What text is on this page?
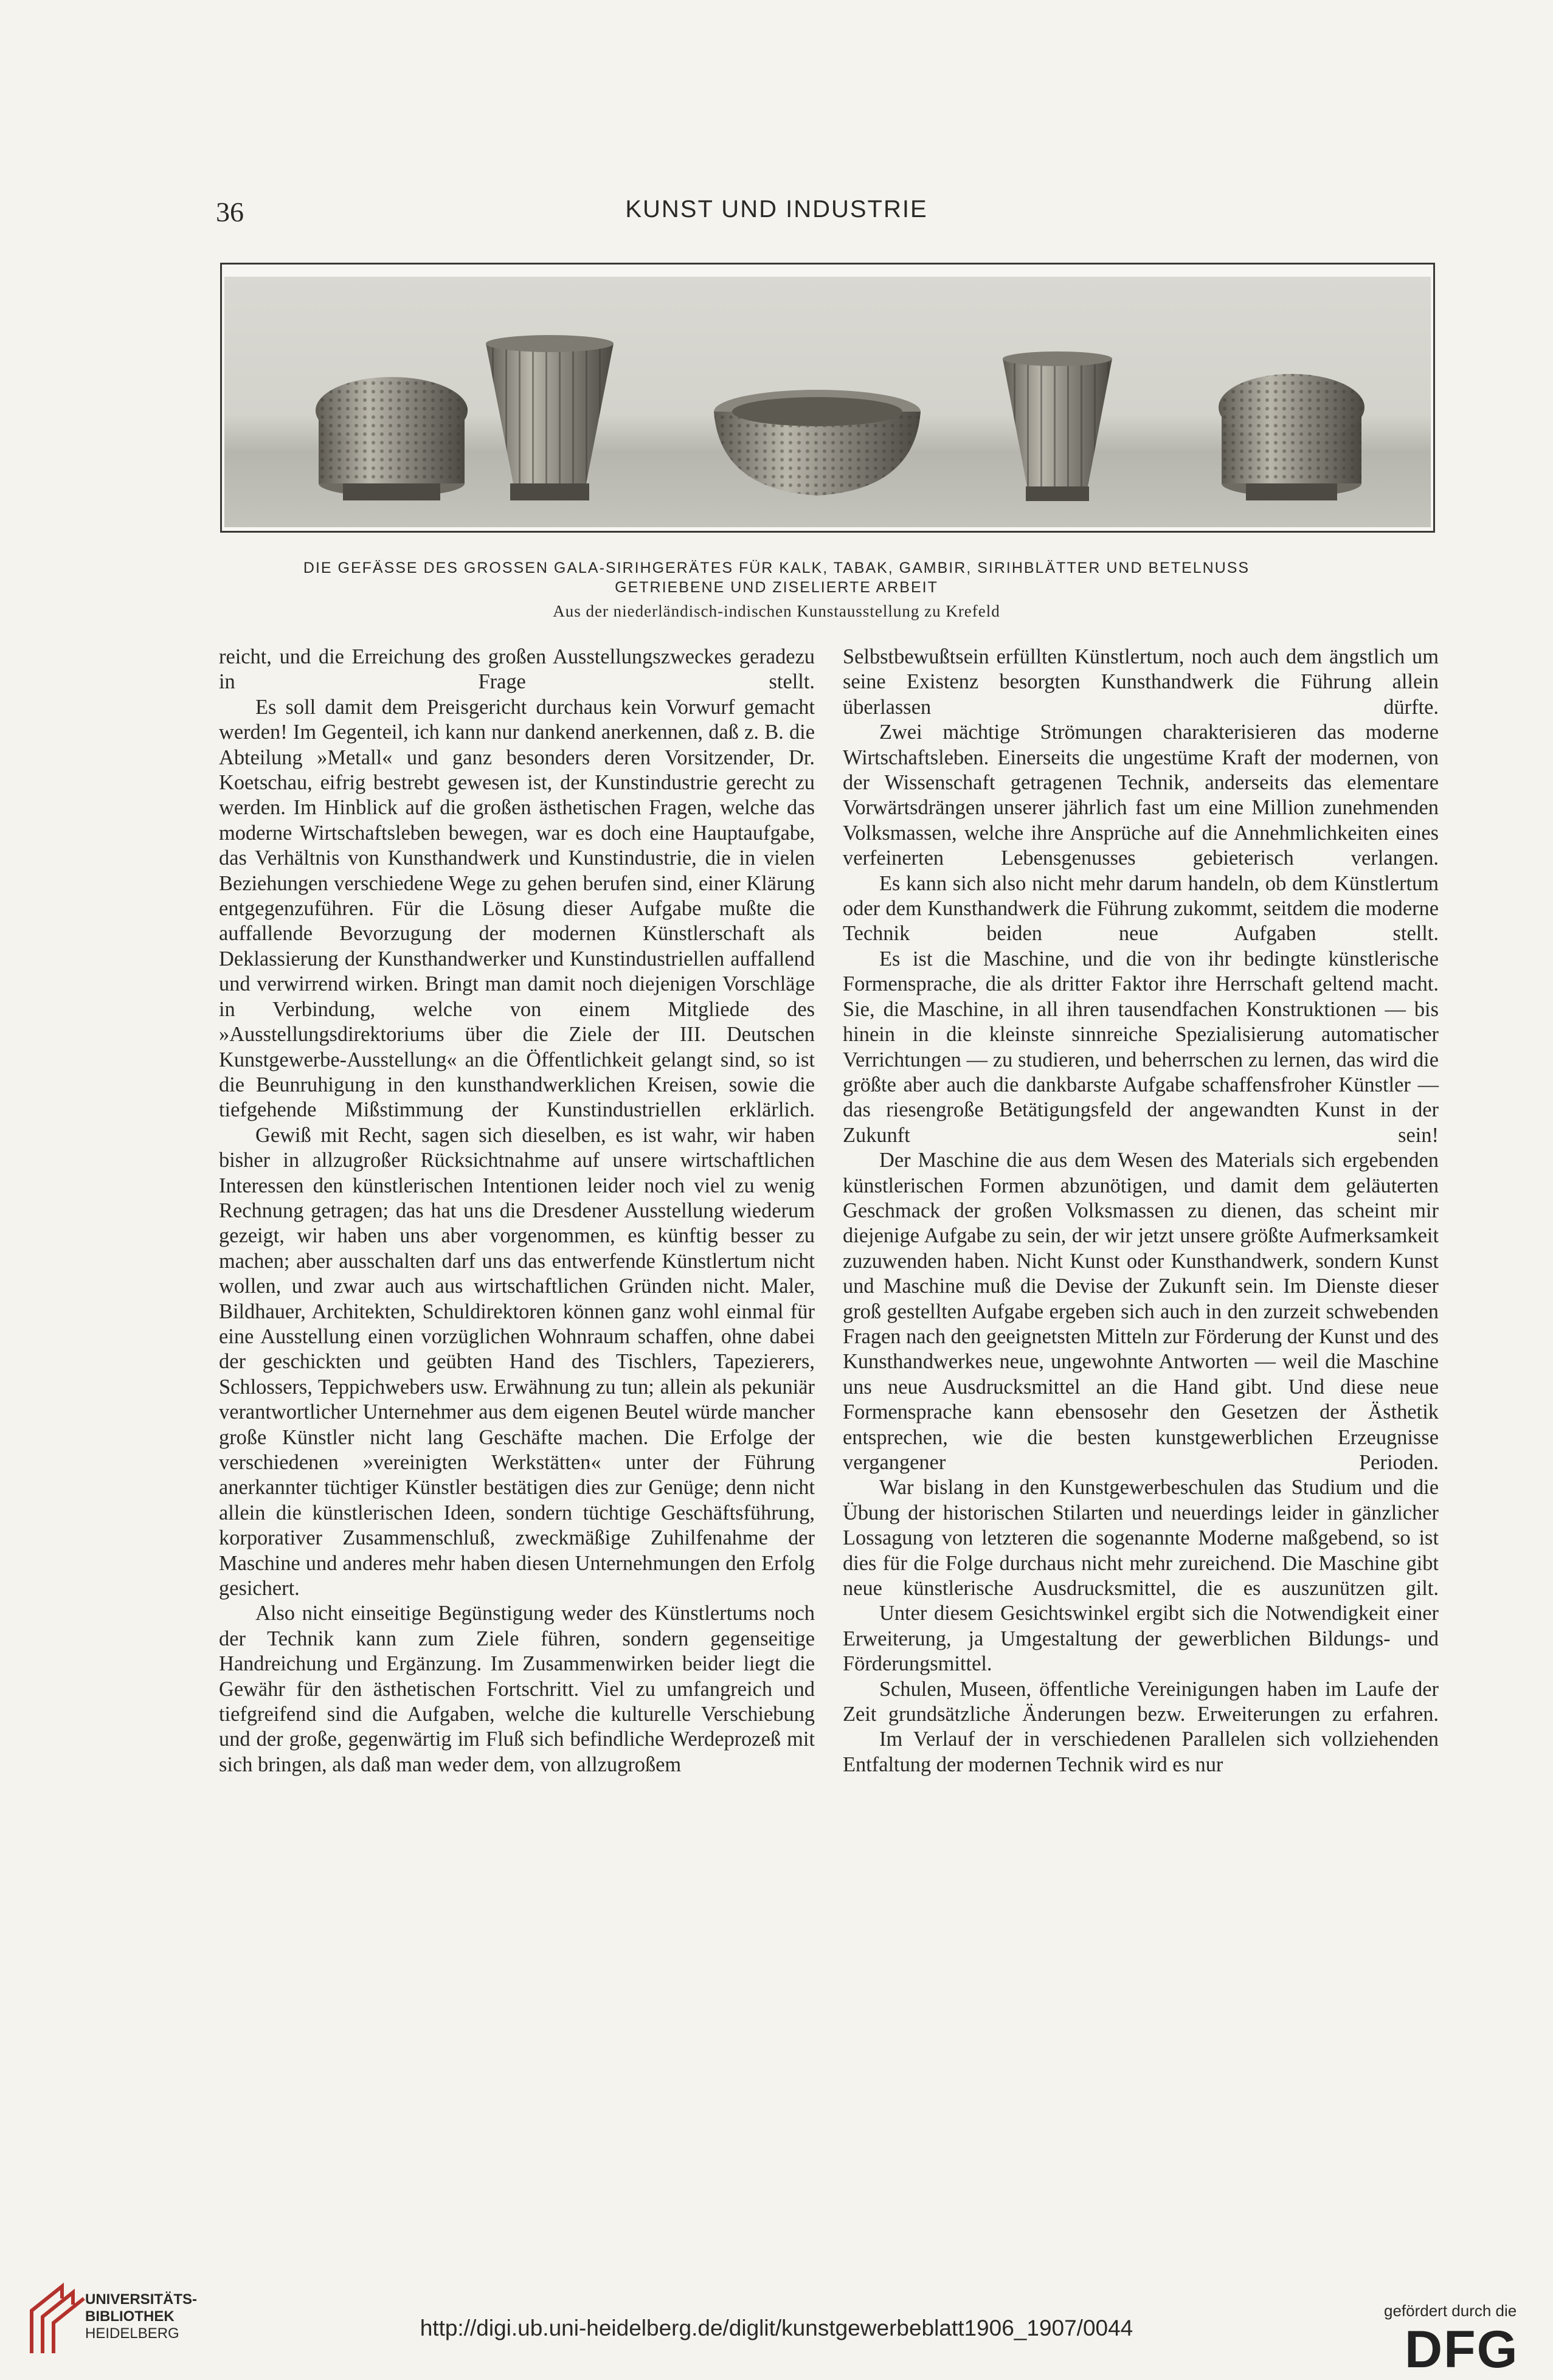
36	KUNST UND INDUSTRIE
DIE GEFÄSSE DES GROSSEN GALA-SIRIHGERÄTES FÜR KALK, TABAK, GAMBIR, SIRIHBLÄTTER UND BETELNUSS
GETRIEBENE UND ZISELIERTE ARBEIT
Aus der niederländisch-indischen Kunstausstellung zu Krefeld

reicht, und die Erreichung des großen Ausstellungszweckes geradezu in Frage stellt.

Es soll damit dem Preisgericht durchaus kein Vorwurf gemacht werden! Im Gegenteil, ich kann nur dankend anerkennen, daß z. B. die Abteilung »Metall« und ganz besonders deren Vorsitzender, Dr. Koetschau, eifrig bestrebt gewesen ist, der Kunstindustrie gerecht zu werden. Im Hinblick auf die großen ästhetischen Fragen, welche das moderne Wirtschaftsleben bewegen, war es doch eine Hauptaufgabe, das Verhältnis von Kunsthandwerk und Kunstindustrie, die in vielen Beziehungen verschiedene Wege zu gehen berufen sind, einer Klärung entgegenzuführen. Für die Lösung dieser Aufgabe mußte die auffallende Bevorzugung der modernen Künstlerschaft als Deklassierung der Kunsthandwerker und Kunstindustriellen auffallend und verwirrend wirken. Bringt man damit noch diejenigen Vorschläge in Verbindung, welche von einem Mitgliede des »Ausstellungsdirektoriums über die Ziele der III. Deutschen Kunstgewerbe-Ausstellung« an die Öffentlichkeit gelangt sind, so ist die Beunruhigung in den kunsthandwerklichen Kreisen, sowie die tiefgehende Mißstimmung der Kunstindustriellen erklärlich.

Gewiß mit Recht, sagen sich dieselben, es ist wahr, wir haben bisher in allzugroßer Rücksichtnahme auf unsere wirtschaftlichen Interessen den künstlerischen Intentionen leider noch viel zu wenig Rechnung getragen; das hat uns die Dresdener Ausstellung wiederum gezeigt, wir haben uns aber vorgenommen, es künftig besser zu machen; aber ausschalten darf uns das entwerfende Künstlertum nicht wollen, und zwar auch aus wirtschaftlichen Gründen nicht. Maler, Bildhauer, Architekten, Schuldirektoren können ganz wohl einmal für eine Ausstellung einen vorzüglichen Wohnraum schaffen, ohne dabei der geschickten und geübten Hand des Tischlers, Tapezierers, Schlossers, Teppichwebers usw. Erwähnung zu tun; allein als pekuniär verantwortlicher Unternehmer aus dem eigenen Beutel würde mancher große Künstler nicht lang Geschäfte machen. Die Erfolge der verschiedenen »vereinigten Werkstätten« unter der Führung anerkannter tüchtiger Künstler bestätigen dies zur Genüge; denn nicht allein die künstlerischen Ideen, sondern tüchtige Geschäftsführung, korporativer Zusammenschluß, zweckmäßige Zuhilfenahme der Maschine und anderes mehr haben diesen Unternehmungen den Erfolg gesichert.

Also nicht einseitige Begünstigung weder des Künstlertums noch der Technik kann zum Ziele führen, sondern gegenseitige Handreichung und Ergänzung. Im Zusammenwirken beider liegt die Gewähr für den ästhetischen Fortschritt. Viel zu umfangreich und tiefgreifend sind die Aufgaben, welche die kulturelle Verschiebung und der große, gegenwärtig im Fluß sich befindliche Werdeprozeß mit sich bringen, als daß man weder dem, von allzugroßem

Selbstbewußtsein erfüllten Künstlertum, noch auch dem ängstlich um seine Existenz besorgten Kunsthandwerk die Führung allein überlassen dürfte.

Zwei mächtige Strömungen charakterisieren das moderne Wirtschaftsleben. Einerseits die ungestüme Kraft der modernen, von der Wissenschaft getragenen Technik, anderseits das elementare Vorwärtsdrängen unserer jährlich fast um eine Million zunehmenden Volksmassen, welche ihre Ansprüche auf die Annehmlichkeiten eines verfeinerten Lebensgenusses gebieterisch verlangen.

Es kann sich also nicht mehr darum handeln, ob dem Künstlertum oder dem Kunsthandwerk die Führung zukommt, seitdem die moderne Technik beiden neue Aufgaben stellt.

Es ist die Maschine, und die von ihr bedingte künstlerische Formensprache, die als dritter Faktor ihre Herrschaft geltend macht. Sie, die Maschine, in all ihren tausendfachen Konstruktionen — bis hinein in die kleinste sinnreiche Spezialisierung automatischer Verrichtungen — zu studieren, und beherrschen zu lernen, das wird die größte aber auch die dankbarste Aufgabe schaffensfroher Künstler — das riesengroße Betätigungsfeld der angewandten Kunst in der Zukunft sein!

Der Maschine die aus dem Wesen des Materials sich ergebenden künstlerischen Formen abzunötigen, und damit dem geläuterten Geschmack der großen Volksmassen zu dienen, das scheint mir diejenige Aufgabe zu sein, der wir jetzt unsere größte Aufmerksamkeit zuzuwenden haben. Nicht Kunst oder Kunsthandwerk, sondern Kunst und Maschine muß die Devise der Zukunft sein. Im Dienste dieser groß gestellten Aufgabe ergeben sich auch in den zurzeit schwebenden Fragen nach den geeignetsten Mitteln zur Förderung der Kunst und des Kunsthandwerkes neue, ungewohnte Antworten — weil die Maschine uns neue Ausdrucksmittel an die Hand gibt. Und diese neue Formensprache kann ebensosehr den Gesetzen der Ästhetik entsprechen, wie die besten kunstgewerblichen Erzeugnisse vergangener Perioden.

War bislang in den Kunstgewerbeschulen das Studium und die Übung der historischen Stilarten und neuerdings leider in gänzlicher Lossagung von letzteren die sogenannte Moderne maßgebend, so ist dies für die Folge durchaus nicht mehr zureichend. Die Maschine gibt neue künstlerische Ausdrucksmittel, die es auszunützen gilt.

Unter diesem Gesichtswinkel ergibt sich die Notwendigkeit einer Erweiterung, ja Umgestaltung der gewerblichen Bildungs- und Förderungsmittel.

Schulen, Museen, öffentliche Vereinigungen haben im Laufe der Zeit grundsätzliche Änderungen bezw. Erweiterungen zu erfahren.

Im Verlauf der in verschiedenen Parallelen sich vollziehenden Entfaltung der modernen Technik wird es nur

UNIVERSITÄTS-
BIBLIOTHEK
HEIDELBERG	http://digi.ub.uni-heidelberg.de/diglit/kunstgewerbeblatt1906_1907/0044
gefördert durch die
DFG
